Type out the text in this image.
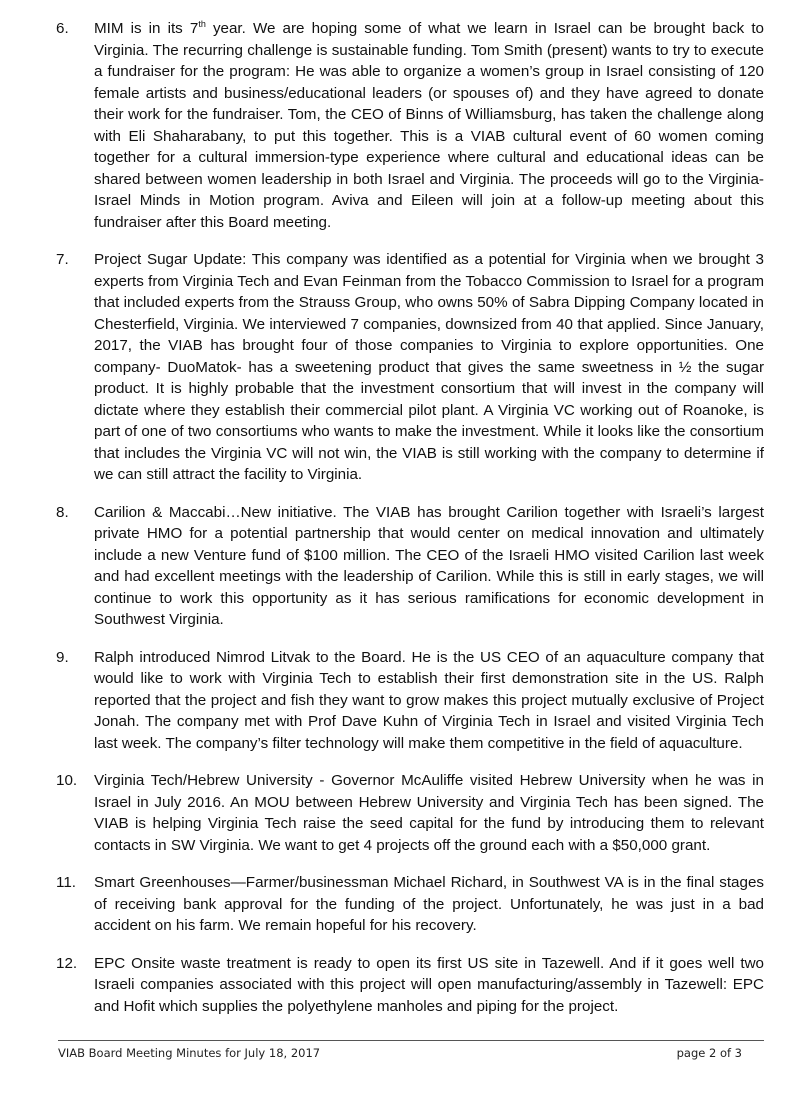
6.	MIM is in its 7th year. We are hoping some of what we learn in Israel can be brought back to Virginia. The recurring challenge is sustainable funding. Tom Smith (present) wants to try to execute a fundraiser for the program: He was able to organize a women’s group in Israel consisting of 120 female artists and business/educational leaders (or spouses of) and they have agreed to donate their work for the fundraiser. Tom, the CEO of Binns of Williamsburg, has taken the challenge along with Eli Shaharabany, to put this together. This is a VIAB cultural event of 60 women coming together for a cultural immersion-type experience where cultural and educational ideas can be shared between women leadership in both Israel and Virginia. The proceeds will go to the Virginia-Israel Minds in Motion program. Aviva and Eileen will join at a follow-up meeting about this fundraiser after this Board meeting.

7.	Project Sugar Update: This company was identified as a potential for Virginia when we brought 3 experts from Virginia Tech and Evan Feinman from the Tobacco Commission to Israel for a program that included experts from the Strauss Group, who owns 50% of Sabra Dipping Company located in Chesterfield, Virginia. We interviewed 7 companies, downsized from 40 that applied. Since January, 2017, the VIAB has brought four of those companies to Virginia to explore opportunities. One company- DuoMatok- has a sweetening product that gives the same sweetness in ½ the sugar product. It is highly probable that the investment consortium that will invest in the company will dictate where they establish their commercial pilot plant. A Virginia VC working out of Roanoke, is part of one of two consortiums who wants to make the investment. While it looks like the consortium that includes the Virginia VC will not win, the VIAB is still working with the company to determine if we can still attract the facility to Virginia.

8.	Carilion & Maccabi…New initiative. The VIAB has brought Carilion together with Israeli’s largest private HMO for a potential partnership that would center on medical innovation and ultimately include a new Venture fund of $100 million. The CEO of the Israeli HMO visited Carilion last week and had excellent meetings with the leadership of Carilion. While this is still in early stages, we will continue to work this opportunity as it has serious ramifications for economic development in Southwest Virginia.

9.	Ralph introduced Nimrod Litvak to the Board. He is the US CEO of an aquaculture company that would like to work with Virginia Tech to establish their first demonstration site in the US. Ralph reported that the project and fish they want to grow makes this project mutually exclusive of Project Jonah. The company met with Prof Dave Kuhn of Virginia Tech in Israel and visited Virginia Tech last week. The company’s filter technology will make them competitive in the field of aquaculture.

10.	Virginia Tech/Hebrew University - Governor McAuliffe visited Hebrew University when he was in Israel in July 2016. An MOU between Hebrew University and Virginia Tech has been signed. The VIAB is helping Virginia Tech raise the seed capital for the fund by introducing them to relevant contacts in SW Virginia. We want to get 4 projects off the ground each with a $50,000 grant.

11.	Smart Greenhouses—Farmer/businessman Michael Richard, in Southwest VA is in the final stages of receiving bank approval for the funding of the project. Unfortunately, he was just in a bad accident on his farm. We remain hopeful for his recovery.

12.	EPC Onsite waste treatment is ready to open its first US site in Tazewell. And if it goes well two Israeli companies associated with this project will open manufacturing/assembly in Tazewell: EPC and Hofit which supplies the polyethylene manholes and piping for the project.

VIAB Board Meeting Minutes for July 18, 2017	page 2 of 3
